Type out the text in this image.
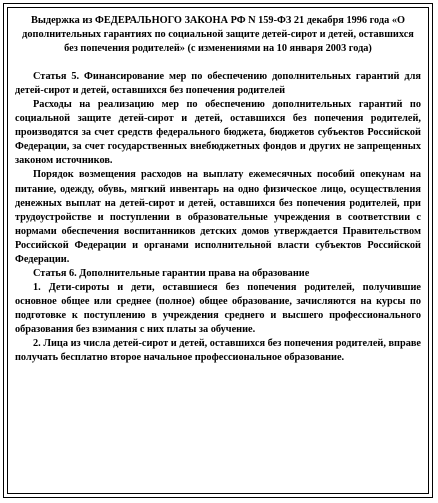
Выдержка из ФЕДЕРАЛЬНОГО ЗАКОНА РФ N 159-ФЗ 21 декабря 1996 года «О дополнительных гарантиях по социальной защите детей-сирот и детей, оставшихся без попечения родителей» (с изменениями на 10 января 2003 года)

Статья 5. Финансирование мер по обеспечению дополнительных гарантий для детей-сирот и детей, оставшихся без попечения родителей

Расходы на реализацию мер по обеспечению дополнительных гарантий по социальной защите детей-сирот и детей, оставшихся без попечения родителей, производятся за счет средств федерального бюджета, бюджетов субъектов Российской Федерации, за счет государственных внебюджетных фондов и других не запрещенных законом источников.

Порядок возмещения расходов на выплату ежемесячных пособий опекунам на питание, одежду, обувь, мягкий инвентарь на одно физическое лицо, осуществления денежных выплат на детей-сирот и детей, оставшихся без попечения родителей, при трудоустройстве и поступлении в образовательные учреждения в соответствии с нормами обеспечения воспитанников детских домов утверждается Правительством Российской Федерации и органами исполнительной власти субъектов Российской Федерации.

Статья 6. Дополнительные гарантии права на образование

1. Дети-сироты и дети, оставшиеся без попечения родителей, получившие основное общее или среднее (полное) общее образование, зачисляются на курсы по подготовке к поступлению в учреждения среднего и высшего профессионального образования без взимания с них платы за обучение.

2. Лица из числа детей-сирот и детей, оставшихся без попечения родителей, вправе получать бесплатно второе начальное профессиональное образование.
